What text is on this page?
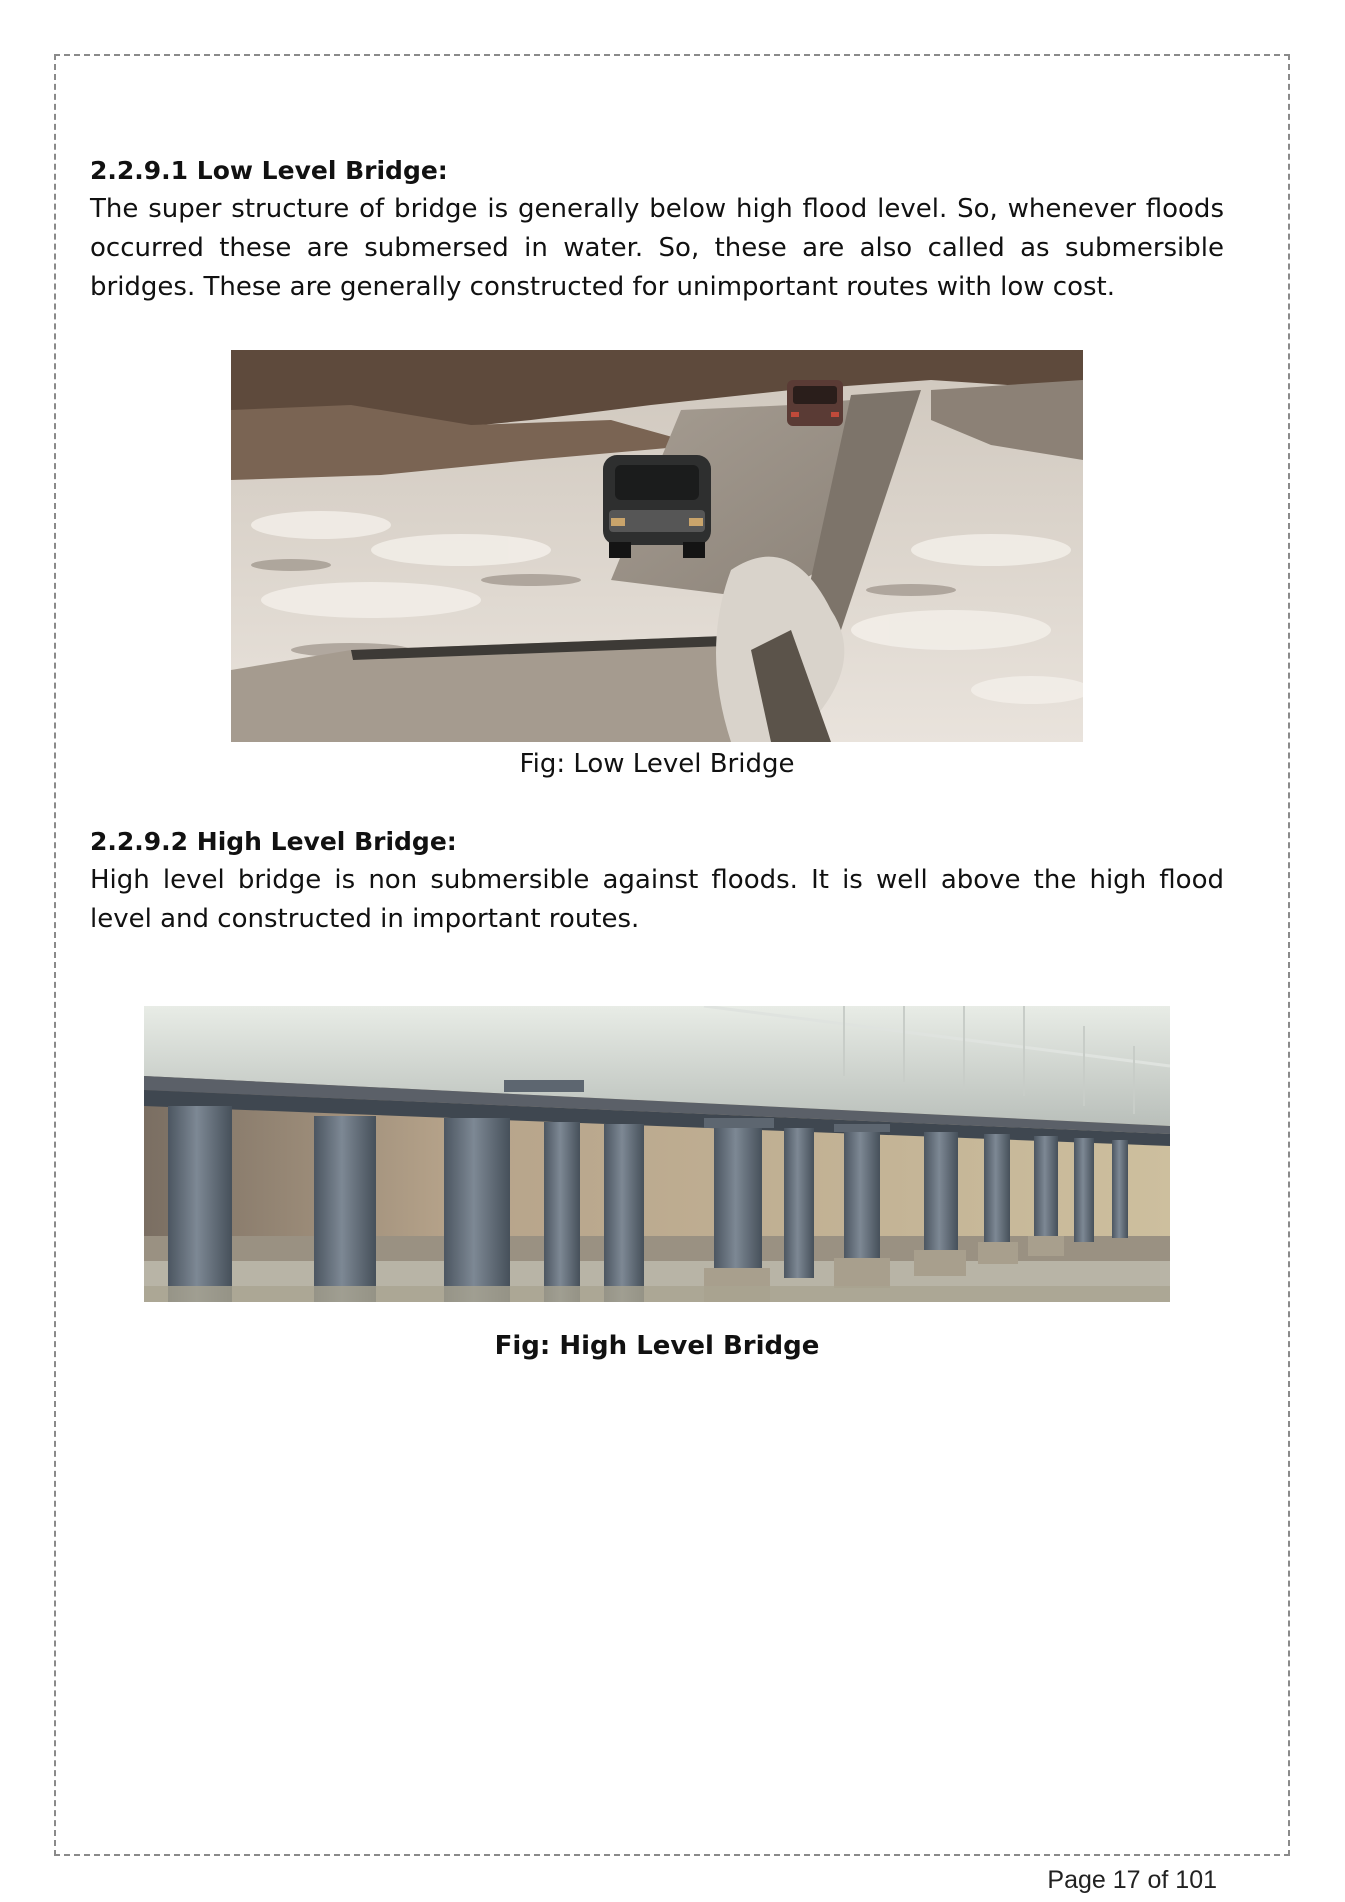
2.2.9.1 Low Level Bridge:

The super structure of bridge is generally below high flood level. So, whenever floods occurred these are submersed in water. So, these are also called as submersible bridges. These are generally constructed for unimportant routes with low cost.

Fig: Low Level Bridge

2.2.9.2 High Level Bridge:

High level bridge is non submersible against floods. It is well above the high flood level and constructed in important routes.

Fig: High Level Bridge

Page 17 of 101
